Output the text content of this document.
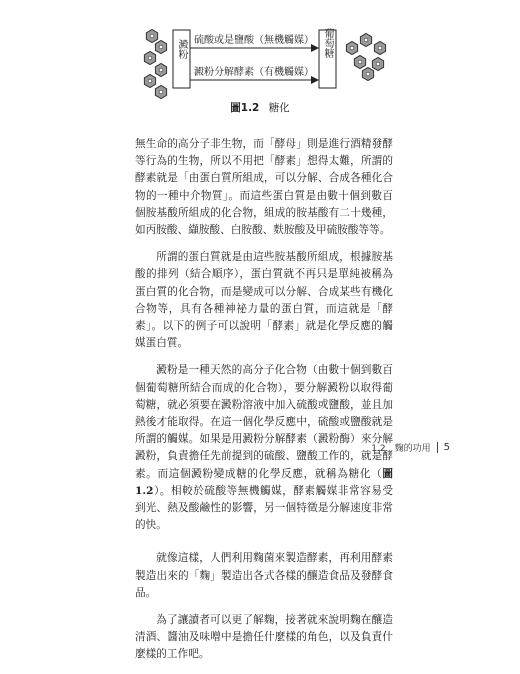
澱粉 硫酸或是鹽酸（無機觸媒）
澱粉分解酵素（有機觸媒）
葡萄糖
圖1.2 糖化

無生命的高分子非生物，而「酵母」則是進行酒精發酵等行為的生物，所以不用把「酵素」想得太難，所謂的酵素就是「由蛋白質所組成，可以分解、合成各種化合物的一種中介物質」。而這些蛋白質是由數十個到數百個胺基酸所組成的化合物，組成的胺基酸有二十幾種，如丙胺酸、纈胺酸、白胺酸、麩胺酸及甲硫胺酸等等。

所謂的蛋白質就是由這些胺基酸所組成，根據胺基酸的排列（結合順序），蛋白質就不再只是單純被稱為蛋白質的化合物，而是變成可以分解、合成某些有機化合物等，具有各種神祕力量的蛋白質，而這就是「酵素」。以下的例子可以說明「酵素」就是化學反應的觸媒蛋白質。

澱粉是一種天然的高分子化合物（由數十個到數百個葡萄糖所結合而成的化合物），要分解澱粉以取得葡萄糖，就必須要在澱粉溶液中加入硫酸或鹽酸，並且加熱後才能取得。在這一個化學反應中，硫酸或鹽酸就是所謂的觸媒。如果是用澱粉分解酵素（澱粉酶）來分解澱粉，負責擔任先前提到的硫酸、鹽酸工作的，就是酵素。而這個澱粉變成糖的化學反應，就稱為糖化（圖1.2）。相較於硫酸等無機觸媒，酵素觸媒非常容易受到光、熱及酸鹼性的影響，另一個特徵是分解速度非常的快。

就像這樣，人們利用麴菌來製造酵素，再利用酵素製造出來的「麴」製造出各式各樣的釀造食品及發酵食品。

為了讓讀者可以更了解麴，接著就來說明麴在釀造清酒、醬油及味噌中是擔任什麼樣的角色，以及負責什麼樣的工作吧。

1.2　麴的功用	5
